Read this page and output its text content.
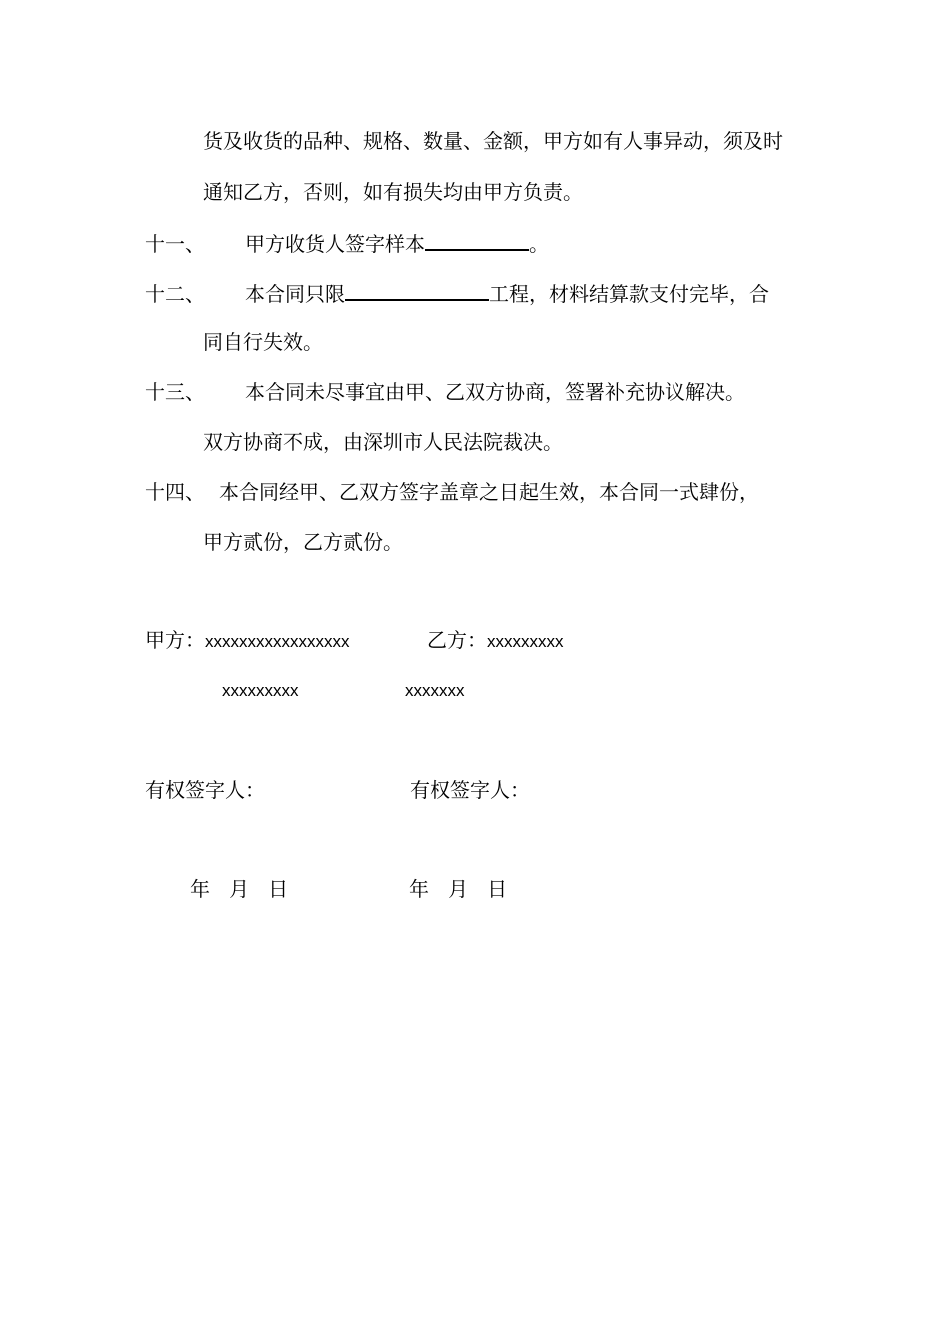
货及收货的品种、规格、数量、金额，甲方如有人事异动，须及时
通知乙方，否则，如有损失均由甲方负责。
十一、 甲方收货人签字样本	。
十二、 本合同只限	工程，材料结算款支付完毕，合
同自行失效。
十三、 本合同未尽事宜由甲、乙双方协商，签署补充协议解决。
双方协商不成，由深圳市人民法院裁决。
十四、 本合同经甲、乙双方签字盖章之日起生效，本合同一式肆份，
甲方贰份，乙方贰份。
甲方：xxxxxxxxxxxxxxxxx	乙方：xxxxxxxxx
xxxxxxxxx	xxxxxxx
有权签字人：	有权签字人：
年   月   日	年   月   日
